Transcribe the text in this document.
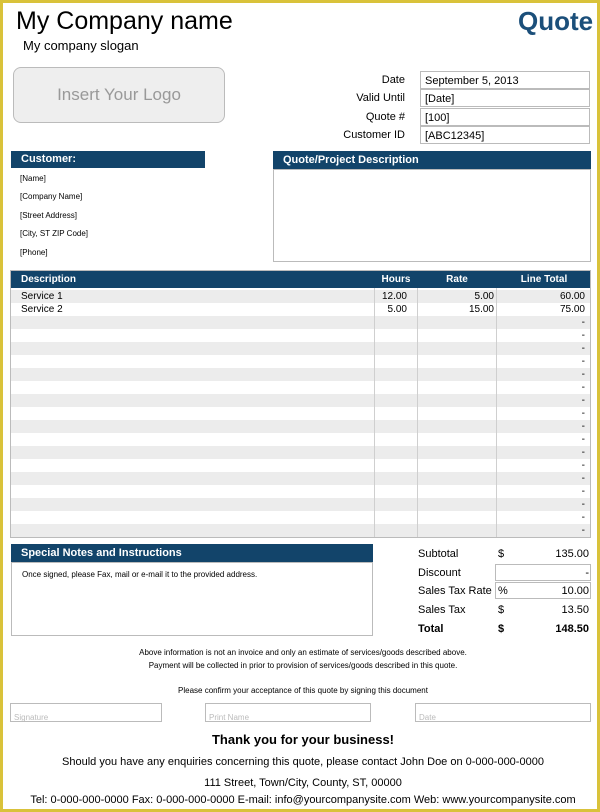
My Company name
My company slogan
Quote
Insert Your Logo
Date	September 5, 2013
Valid Until	[Date]
Quote #	[100]
Customer ID	[ABC12345]
Customer:
[Name]
[Company Name]
[Street Address]
[City, ST ZIP Code]
[Phone]
Quote/Project Description
Description	Hours	Rate	Line Total
Service 1	12.00	5.00	60.00
Service 2	5.00	15.00	75.00
-
-
-
-
-
-
-
-
-
-
-
-
-
-
-
-
-
Special Notes and Instructions
Once signed, please Fax, mail or e-mail it to the provided address.
Subtotal	$	135.00
Discount	-
Sales Tax Rate %	10.00
Sales Tax	$	13.50
Total	$	148.50
Above information is not an invoice and only an estimate of services/goods described above.
Payment will be collected in prior to provision of services/goods described in this quote.
Please confirm your acceptance of this quote by signing this document
Signature	Print Name	Date
Thank you for your business!
Should you have any enquiries concerning this quote, please contact John Doe on 0-000-000-0000
111 Street, Town/City, County, ST, 00000
Tel: 0-000-000-0000 Fax: 0-000-000-0000 E-mail: info@yourcompanysite.com Web: www.yourcompanysite.com
